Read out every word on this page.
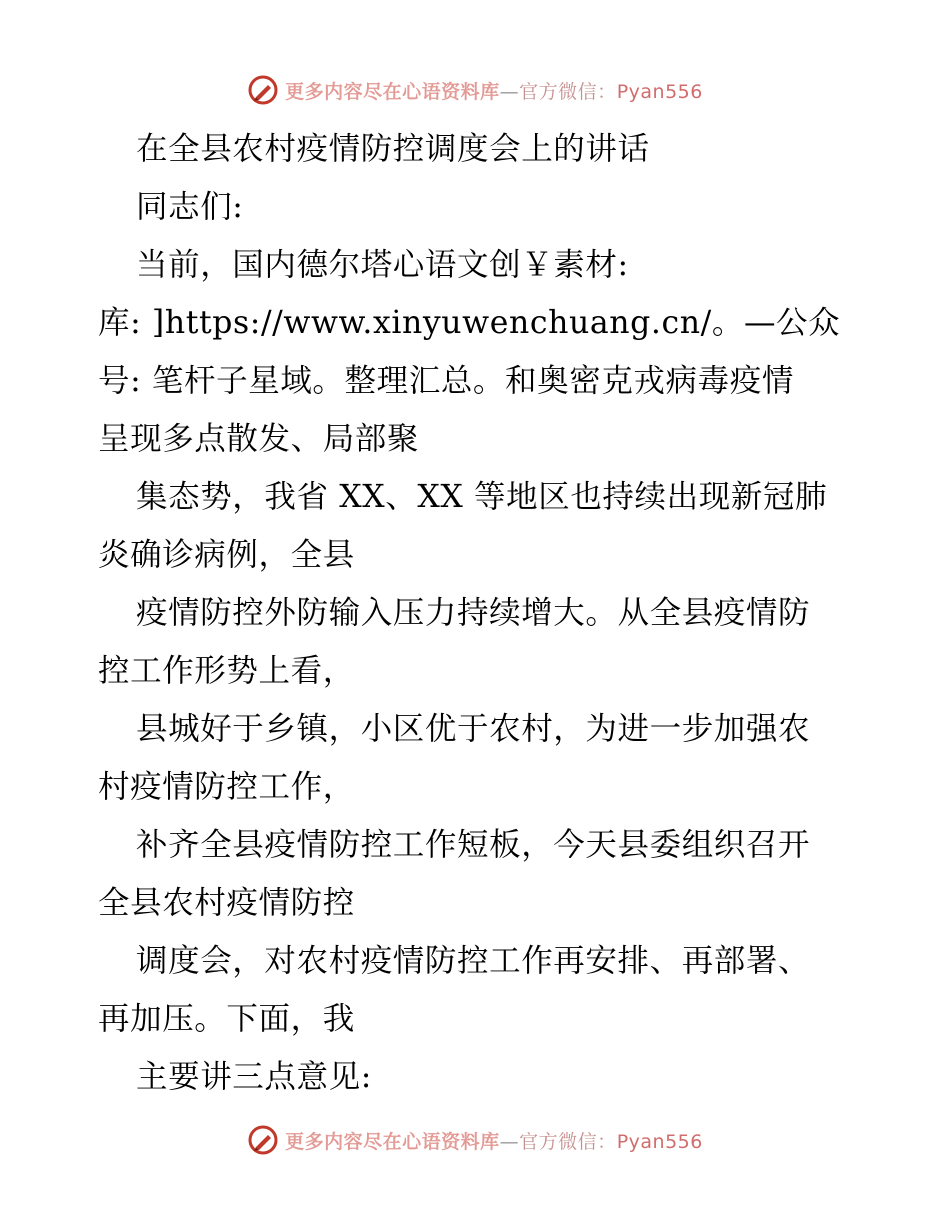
更多内容尽在心语资料库—官方微信：Pyan556
在全县农村疫情防控调度会上的讲话
同志们:
当前，国内德尔塔心语文创￥素材:
库: ]https://www.xinyuwenchuang.cn/。—公众
号: 笔杆子星域。整理汇总。和奥密克戎病毒疫情
呈现多点散发、局部聚
集态势，我省 XX、XX 等地区也持续出现新冠肺
炎确诊病例，全县
疫情防控外防输入压力持续增大。从全县疫情防
控工作形势上看，
县城好于乡镇，小区优于农村，为进一步加强农
村疫情防控工作，
补齐全县疫情防控工作短板，今天县委组织召开
全县农村疫情防控
调度会，对农村疫情防控工作再安排、再部署、
再加压。下面，我
主要讲三点意见:
更多内容尽在心语资料库—官方微信：Pyan556
